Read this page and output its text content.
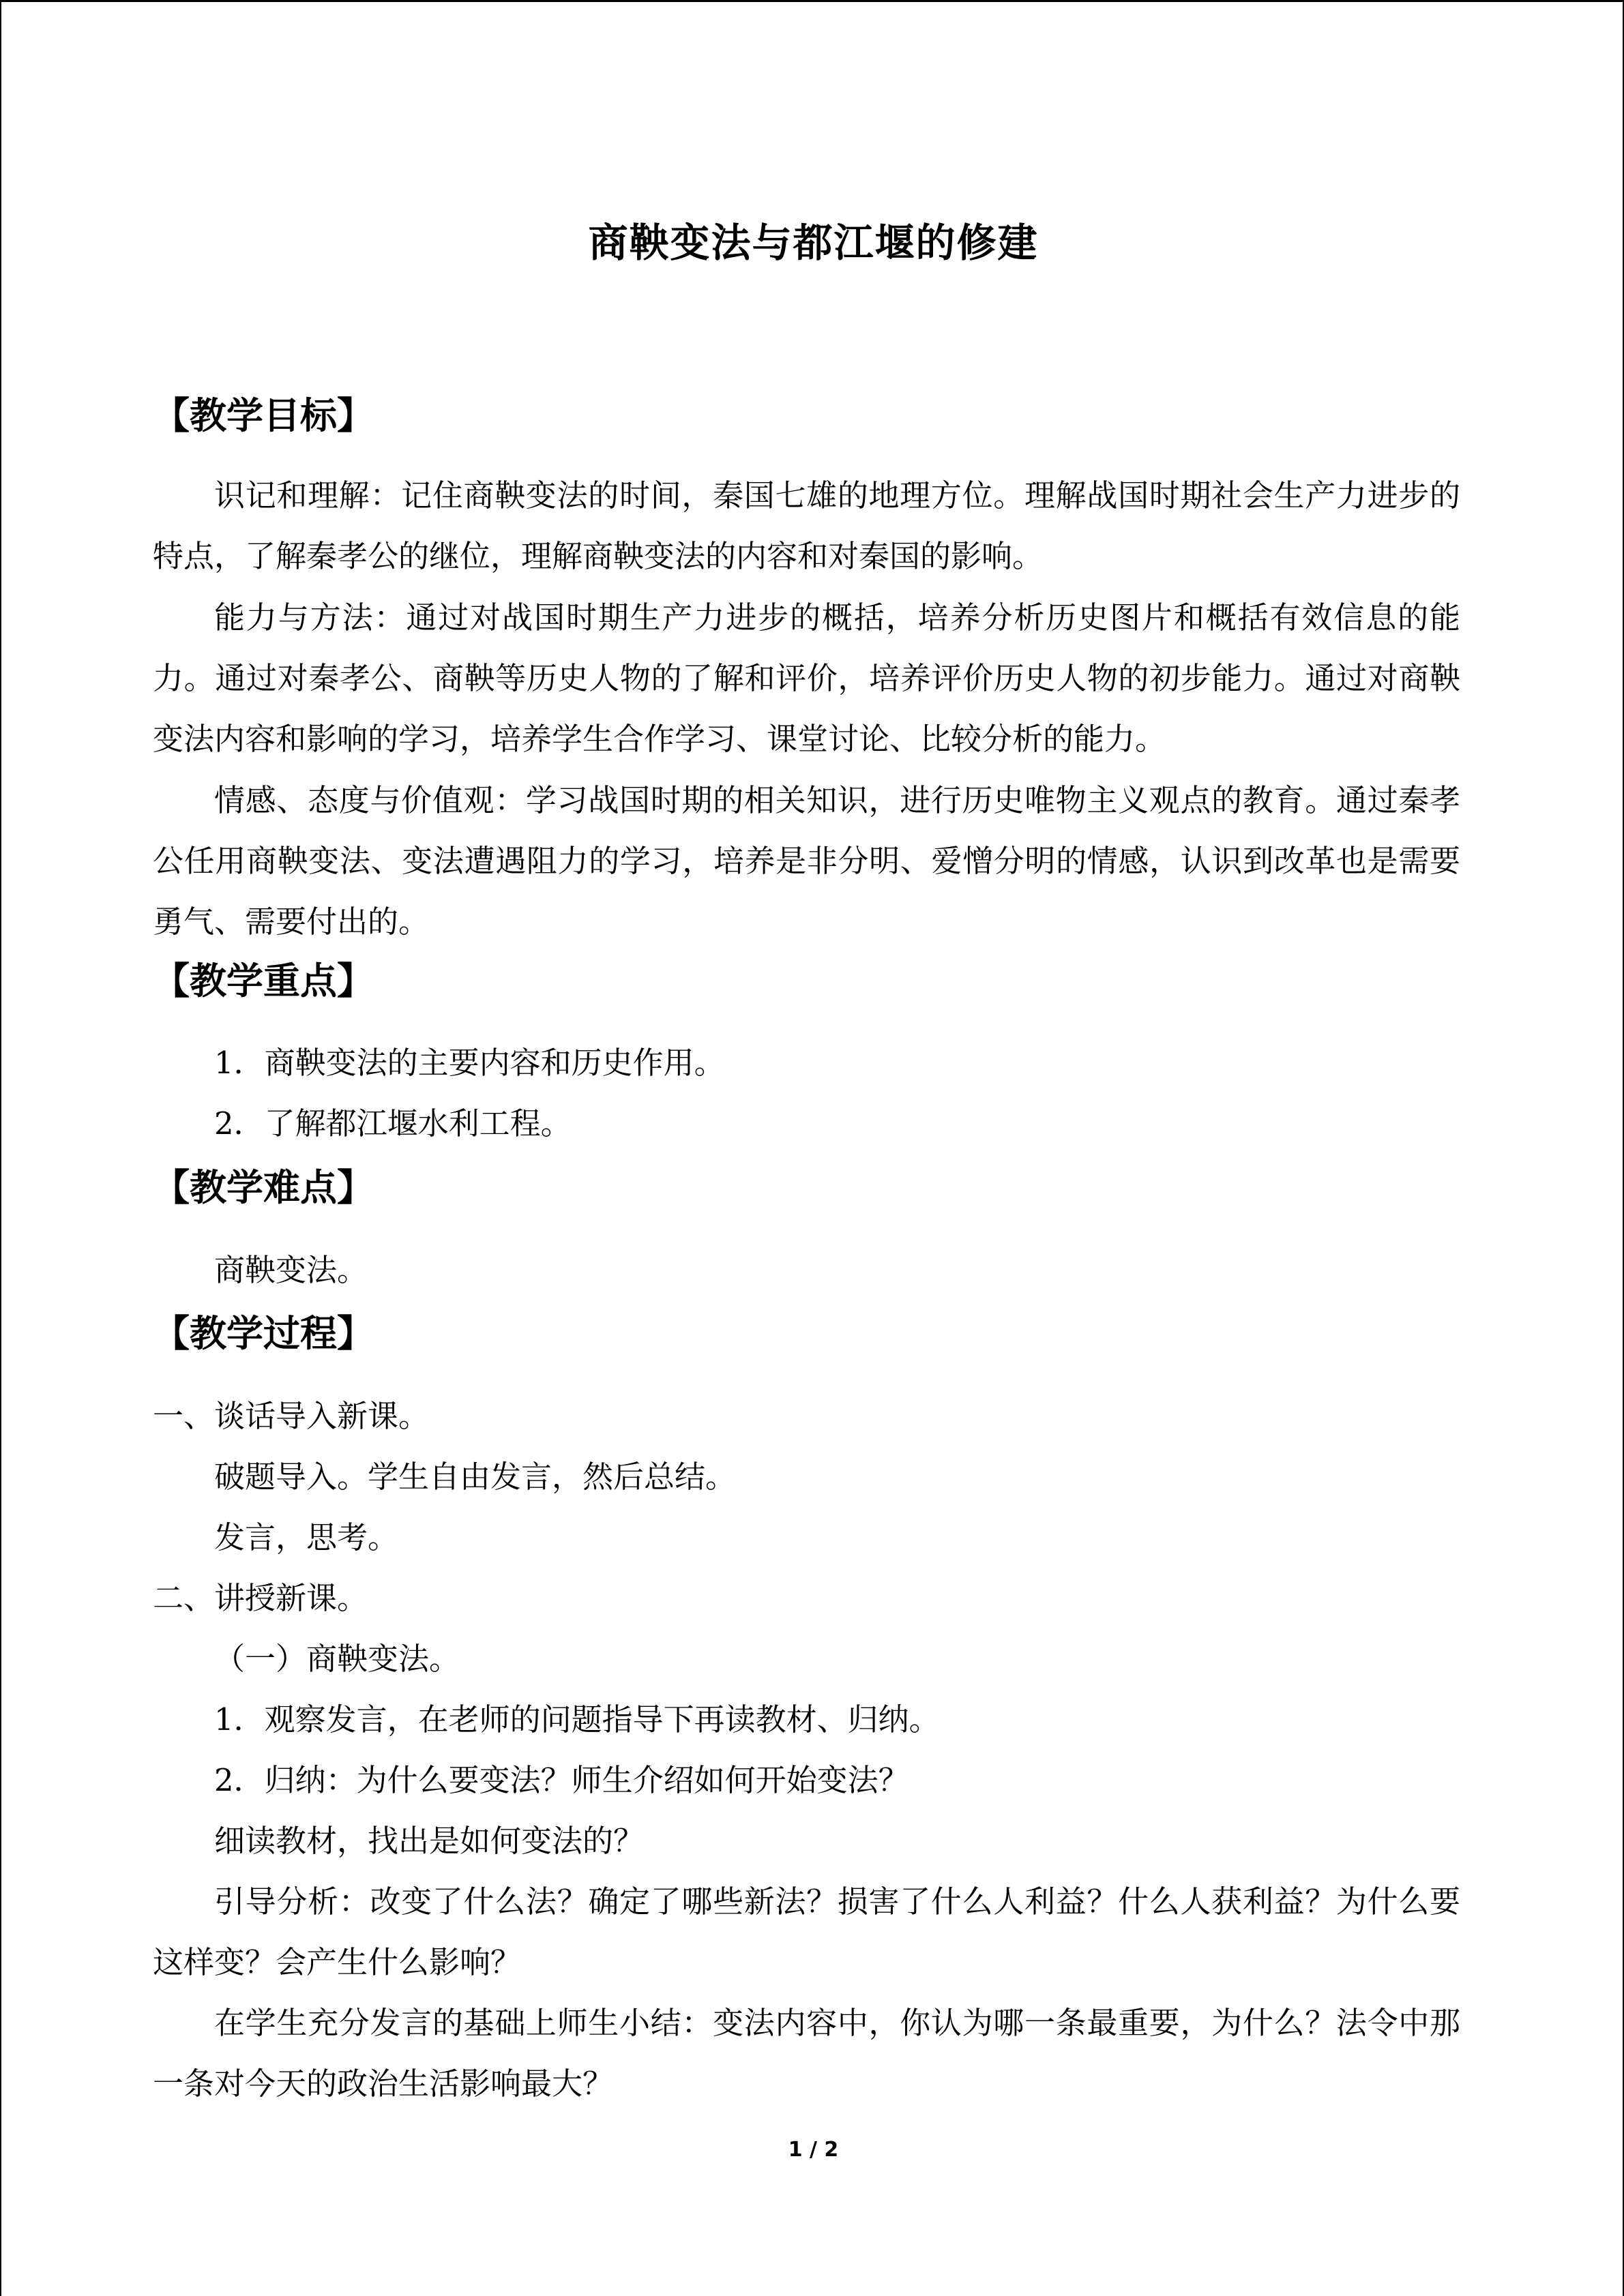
商鞅变法与都江堰的修建
【教学目标】

识记和理解：记住商鞅变法的时间，秦国七雄的地理方位。理解战国时期社会生产力进步的特点，了解秦孝公的继位，理解商鞅变法的内容和对秦国的影响。

能力与方法：通过对战国时期生产力进步的概括，培养分析历史图片和概括有效信息的能力。通过对秦孝公、商鞅等历史人物的了解和评价，培养评价历史人物的初步能力。通过对商鞅变法内容和影响的学习，培养学生合作学习、课堂讨论、比较分析的能力。

情感、态度与价值观：学习战国时期的相关知识，进行历史唯物主义观点的教育。通过秦孝公任用商鞅变法、变法遭遇阻力的学习，培养是非分明、爱憎分明的情感，认识到改革也是需要勇气、需要付出的。

【教学重点】
1．商鞅变法的主要内容和历史作用。
2．了解都江堰水利工程。
【教学难点】
商鞅变法。
【教学过程】
一、谈话导入新课。
破题导入。学生自由发言，然后总结。
发言，思考。
二、讲授新课。
（一）商鞅变法。
1．观察发言，在老师的问题指导下再读教材、归纳。
2．归纳：为什么要变法？师生介绍如何开始变法？
细读教材，找出是如何变法的？

引导分析：改变了什么法？确定了哪些新法？损害了什么人利益？什么人获利益？为什么要这样变？会产生什么影响？

在学生充分发言的基础上师生小结：变法内容中，你认为哪一条最重要，为什么？法令中那一条对今天的政治生活影响最大？

1 / 2
